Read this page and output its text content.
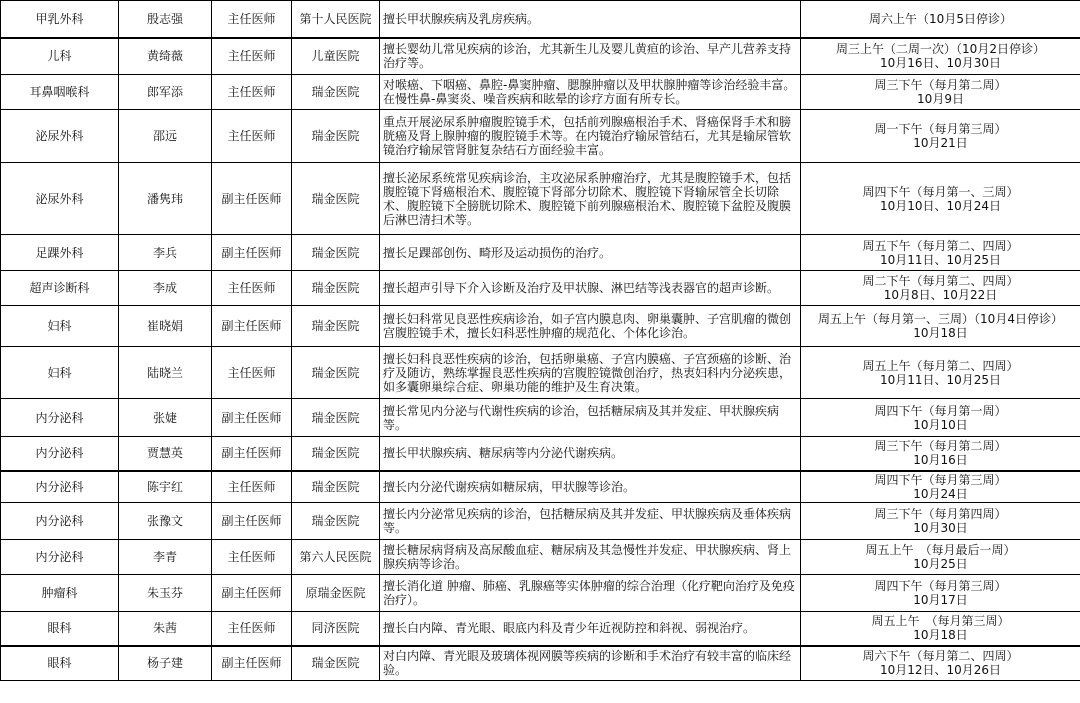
甲乳外科	殷志强	主任医师	第十人民医院	擅长甲状腺疾病及乳房疾病。	周六上午（10月5日停诊）

儿科	黄绮薇	主任医师	儿童医院	擅长婴幼儿常见疾病的诊治，尤其新生儿及婴儿黄疸的诊治、早产儿营养支持治疗等。	周三上午（二周一次）（10月2日停诊）
10月16日、10月30日

耳鼻咽喉科	郎军添	主任医师	瑞金医院	对喉癌、下咽癌、鼻腔-鼻窦肿瘤、腮腺肿瘤以及甲状腺肿瘤等诊治经验丰富。在慢性鼻-鼻窦炎、噪音疾病和眩晕的诊疗方面有所专长。	周三下午（每月第二周）
10月9日

泌尿外科	邵远	主任医师	瑞金医院	重点开展泌尿系肿瘤腹腔镜手术，包括前列腺癌根治手术、肾癌保肾手术和膀胱癌及肾上腺肿瘤的腹腔镜手术等。在内镜治疗输尿管结石，尤其是输尿管软镜治疗输尿管肾脏复杂结石方面经验丰富。	周一下午（每月第三周）
10月21日

泌尿外科	潘隽玮	副主任医师	瑞金医院	擅长泌尿系统常见疾病诊治，主攻泌尿系肿瘤治疗，尤其是腹腔镜手术，包括腹腔镜下肾癌根治术、腹腔镜下肾部分切除术、腹腔镜下肾输尿管全长切除术、腹腔镜下全膀胱切除术、腹腔镜下前列腺癌根治术、腹腔镜下盆腔及腹膜后淋巴清扫术等。	周四下午（每月第一、三周）
10月10日、10月24日

足踝外科	李兵	副主任医师	瑞金医院	擅长足踝部创伤、畸形及运动损伤的治疗。	周五下午（每月第二、四周）
10月11日、10月25日

超声诊断科	李成	主任医师	瑞金医院	擅长超声引导下介入诊断及治疗及甲状腺、淋巴结等浅表器官的超声诊断。	周二下午（每月第二、四周）
10月8日、10月22日

妇科	崔晓娟	副主任医师	瑞金医院	擅长妇科常见良恶性疾病诊治，如子宫内膜息肉、卵巢囊肿、子宫肌瘤的微创宫腹腔镜手术，擅长妇科恶性肿瘤的规范化、个体化诊治。	周五上午（每月第一、三周）（10月4日停诊）
10月18日

妇科	陆晓兰	主任医师	瑞金医院	擅长妇科良恶性疾病的诊治，包括卵巢癌、子宫内膜癌、子宫颈癌的诊断、治疗及随访，熟练掌握良恶性疾病的宫腹腔镜微创治疗，热衷妇科内分泌疾患，如多囊卵巢综合症、卵巢功能的维护及生育决策。	周五上午（每月第二、四周）
10月11日、10月25日

内分泌科	张婕	副主任医师	瑞金医院	擅长常见内分泌与代谢性疾病的诊治，包括糖尿病及其并发症、甲状腺疾病等。	周四下午（每月第一周）
10月10日

内分泌科	贾慧英	副主任医师	瑞金医院	擅长甲状腺疾病、糖尿病等内分泌代谢疾病。	周三下午（每月第二周）
10月16日

内分泌科	陈宇红	主任医师	瑞金医院	擅长内分泌代谢疾病如糖尿病，甲状腺等诊治。	周四下午（每月第三周）
10月24日

内分泌科	张豫文	副主任医师	瑞金医院	擅长内分泌常见疾病的诊治，包括糖尿病及其并发症、甲状腺疾病及垂体疾病等。	周三下午（每月第四周）
10月30日

内分泌科	李青	主任医师	第六人民医院	擅长糖尿病肾病及高尿酸血症、糖尿病及其急慢性并发症、甲状腺疾病、肾上腺疾病等诊治。	周五上午　（每月最后一周）
10月25日

肿瘤科	朱玉芬	副主任医师	原瑞金医院	擅长消化道 肿瘤、肺癌、乳腺癌等实体肿瘤的综合治理（化疗靶向治疗及免疫治疗）。	周四下午（每月第三周）
10月17日

眼科	朱茜	主任医师	同济医院	擅长白内障、青光眼、眼底内科及青少年近视防控和斜视、弱视治疗。	周五上午　（每月第三周）
10月18日

眼科	杨子建	副主任医师	瑞金医院	对白内障、青光眼及玻璃体视网膜等疾病的诊断和手术治疗有较丰富的临床经验。	周六下午（每月第二、四周）
10月12日、10月26日
